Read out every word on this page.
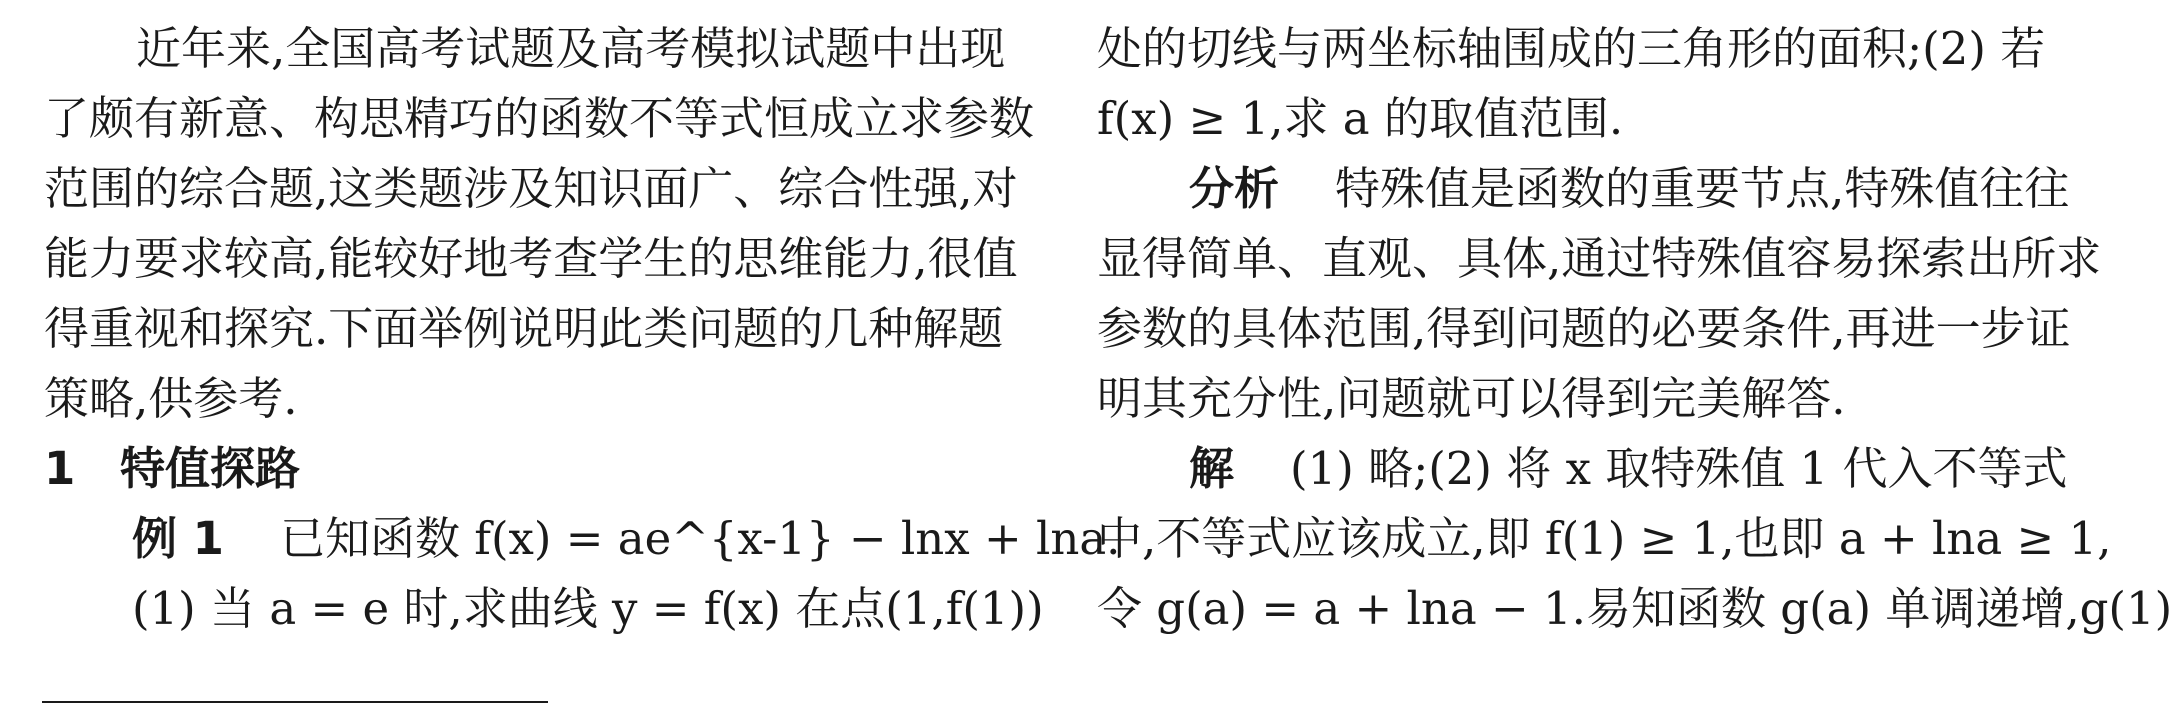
近年来,全国高考试题及高考模拟试题中出现
了颇有新意、构思精巧的函数不等式恒成立求参数
范围的综合题,这类题涉及知识面广、综合性强,对
能力要求较高,能较好地考查学生的思维能力,很值
得重视和探究.下面举例说明此类问题的几种解题
策略,供参考.
1 特值探路
例 1 已知函数 f(x) = ae^{x-1} − lnx + lna.
(1) 当 a = e 时,求曲线 y = f(x) 在点(1,f(1))
处的切线与两坐标轴围成的三角形的面积;(2) 若
f(x) ≥ 1,求 a 的取值范围.
分析 特殊值是函数的重要节点,特殊值往往
显得简单、直观、具体,通过特殊值容易探索出所求
参数的具体范围,得到问题的必要条件,再进一步证
明其充分性,问题就可以得到完美解答.
解 (1) 略;(2) 将 x 取特殊值 1 代入不等式
中,不等式应该成立,即 f(1) ≥ 1,也即 a + lna ≥ 1,
令 g(a) = a + lna − 1.易知函数 g(a) 单调递增,g(1)
